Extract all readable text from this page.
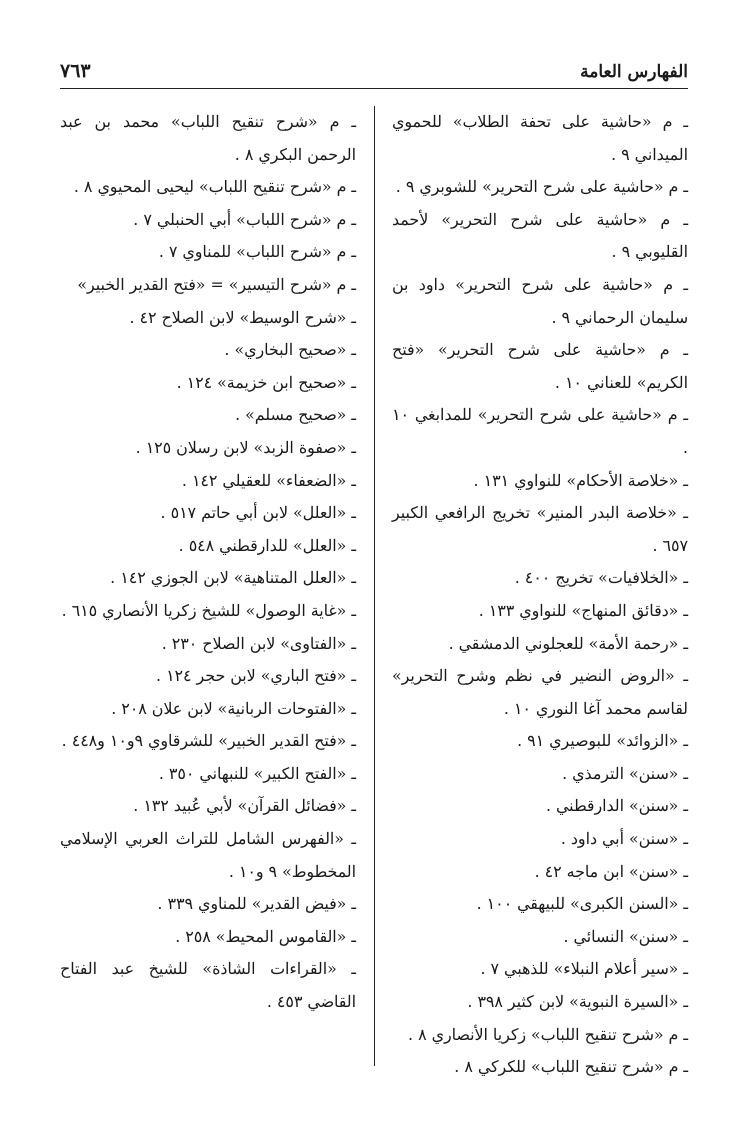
الفهارس العامة
٧٦٣

ـ م «حاشية على تحفة الطلاب» للحموي الميداني ٩ .

ـ م «حاشية على شرح التحرير» للشوبري ٩ .

ـ م «حاشية على شرح التحرير» لأحمد القليوبي ٩ .

ـ م «حاشية على شرح التحرير» داود بن سليمان الرحماني ٩ .

ـ م «حاشية على شرح التحرير» «فتح الكريم» للعناني ١٠ .

ـ م «حاشية على شرح التحرير» للمدابغي ١٠ .

ـ «خلاصة الأحكام» للنواوي ١٣١ .

ـ «خلاصة البدر المنير» تخريج الرافعي الكبير ٦٥٧ .

ـ «الخلافيات» تخريج ٤٠٠ .

ـ «دقائق المنهاج» للنواوي ١٣٣ .

ـ «رحمة الأمة» للعجلوني الدمشقي .

ـ «الروض النضير في نظم وشرح التحرير» لقاسم محمد آغا النوري ١٠ .

ـ «الزوائد» للبوصيري ٩١ .

ـ «سنن» الترمذي .

ـ «سنن» الدارقطني .

ـ «سنن» أبي داود .

ـ «سنن» ابن ماجه ٤٢ .

ـ «السنن الكبرى» للبيهقي ١٠٠ .

ـ «سنن» النسائي .

ـ «سير أعلام النبلاء» للذهبي ٧ .

ـ «السيرة النبوية» لابن كثير ٣٩٨ .

ـ م «شرح تنقيح اللباب» زكريا الأنصاري ٨ .

ـ م «شرح تنقيح اللباب» للكركي ٨ .

ـ م «شرح تنقيح اللباب» محمد بن عبد الرحمن البكري ٨ .

ـ م «شرح تنقيح اللباب» ليحيى المحيوي ٨ .

ـ م «شرح اللباب» أبي الحنبلي ٧ .

ـ م «شرح اللباب» للمناوي ٧ .

ـ م «شرح التيسير» = «فتح القدير الخبير»

ـ «شرح الوسيط» لابن الصلاح ٤٢ .

ـ «صحيح البخاري» .

ـ «صحيح ابن خزيمة» ١٢٤ .

ـ «صحيح مسلم» .

ـ «صفوة الزبد» لابن رسلان ١٢٥ .

ـ «الضعفاء» للعقيلي ١٤٢ .

ـ «العلل» لابن أبي حاتم ٥١٧ .

ـ «العلل» للدارقطني ٥٤٨ .

ـ «العلل المتناهية» لابن الجوزي ١٤٢ .

ـ «غاية الوصول» للشيخ زكريا الأنصاري ٦١٥ .

ـ «الفتاوى» لابن الصلاح ٢٣٠ .

ـ «فتح الباري» لابن حجر ١٢٤ .

ـ «الفتوحات الربانية» لابن علان ٢٠٨ .

ـ «فتح القدير الخبير» للشرقاوي ٩و١٠ و٤٤٨ .

ـ «الفتح الكبير» للنبهاني ٣٥٠ .

ـ «فضائل القرآن» لأبي عُبيد ١٣٢ .

ـ «الفهرس الشامل للتراث العربي الإسلامي المخطوط» ٩ و١٠ .

ـ «فيض القدير» للمناوي ٣٣٩ .

ـ «القاموس المحيط» ٢٥٨ .

ـ «القراءات الشاذة» للشيخ عبد الفتاح القاضي ٤٥٣ .
